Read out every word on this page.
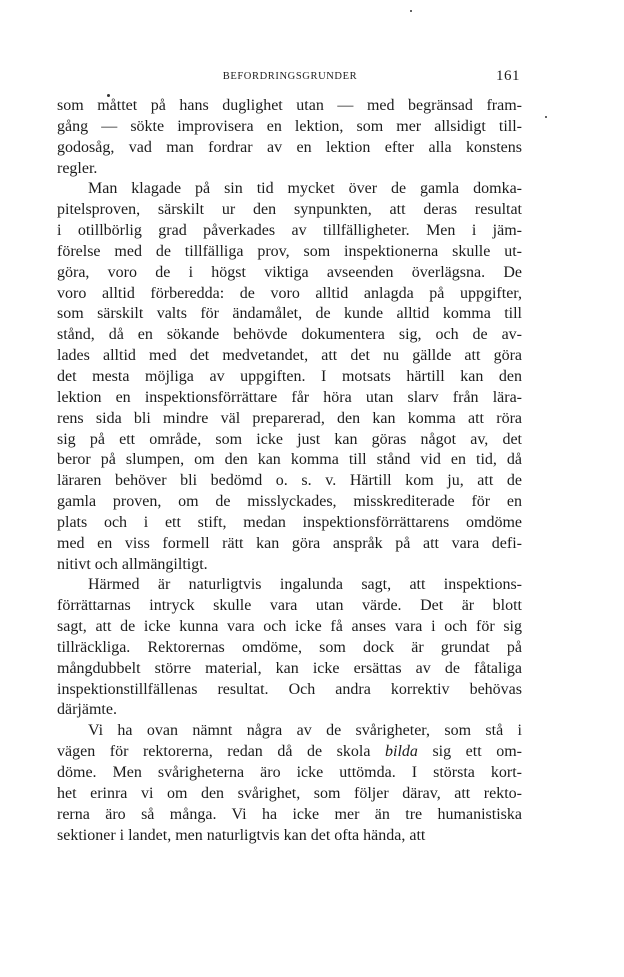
BEFORDRINGSGRUNDER	161
som måttet på hans duglighet utan — med begränsad fram-
gång — sökte improvisera en lektion, som mer allsidigt till-
godosåg, vad man fordrar av en lektion efter alla konstens
regler.
Man klagade på sin tid mycket över de gamla domka-
pitelsproven, särskilt ur den synpunkten, att deras resultat
i otillbörlig grad påverkades av tillfälligheter. Men i jäm-
förelse med de tillfälliga prov, som inspektionerna skulle ut-
göra, voro de i högst viktiga avseenden överlägsna. De
voro alltid förberedda: de voro alltid anlagda på uppgifter,
som särskilt valts för ändamålet, de kunde alltid komma till
stånd, då en sökande behövde dokumentera sig, och de av-
lades alltid med det medvetandet, att det nu gällde att göra
det mesta möjliga av uppgiften. I motsats härtill kan den
lektion en inspektionsförrättare får höra utan slarv från lära-
rens sida bli mindre väl preparerad, den kan komma att röra
sig på ett område, som icke just kan göras något av, det
beror på slumpen, om den kan komma till stånd vid en tid, då
läraren behöver bli bedömd o. s. v. Härtill kom ju, att de
gamla proven, om de misslyckades, misskrediterade för en
plats och i ett stift, medan inspektionsförrättarens omdöme
med en viss formell rätt kan göra anspråk på att vara defi-
nitivt och allmängiltigt.
Härmed är naturligtvis ingalunda sagt, att inspektions-
förrättarnas intryck skulle vara utan värde. Det är blott
sagt, att de icke kunna vara och icke få anses vara i och för sig
tillräckliga. Rektorernas omdöme, som dock är grundat på
mångdubbelt större material, kan icke ersättas av de fåtaliga
inspektionstillfällenas resultat. Och andra korrektiv behövas
därjämte.
Vi ha ovan nämnt några av de svårigheter, som stå i
vägen för rektorerna, redan då de skola bilda sig ett om-
döme. Men svårigheterna äro icke uttömda. I största kort-
het erinra vi om den svårighet, som följer därav, att rekto-
rerna äro så många. Vi ha icke mer än tre humanistiska
sektioner i landet, men naturligtvis kan det ofta hända, att
